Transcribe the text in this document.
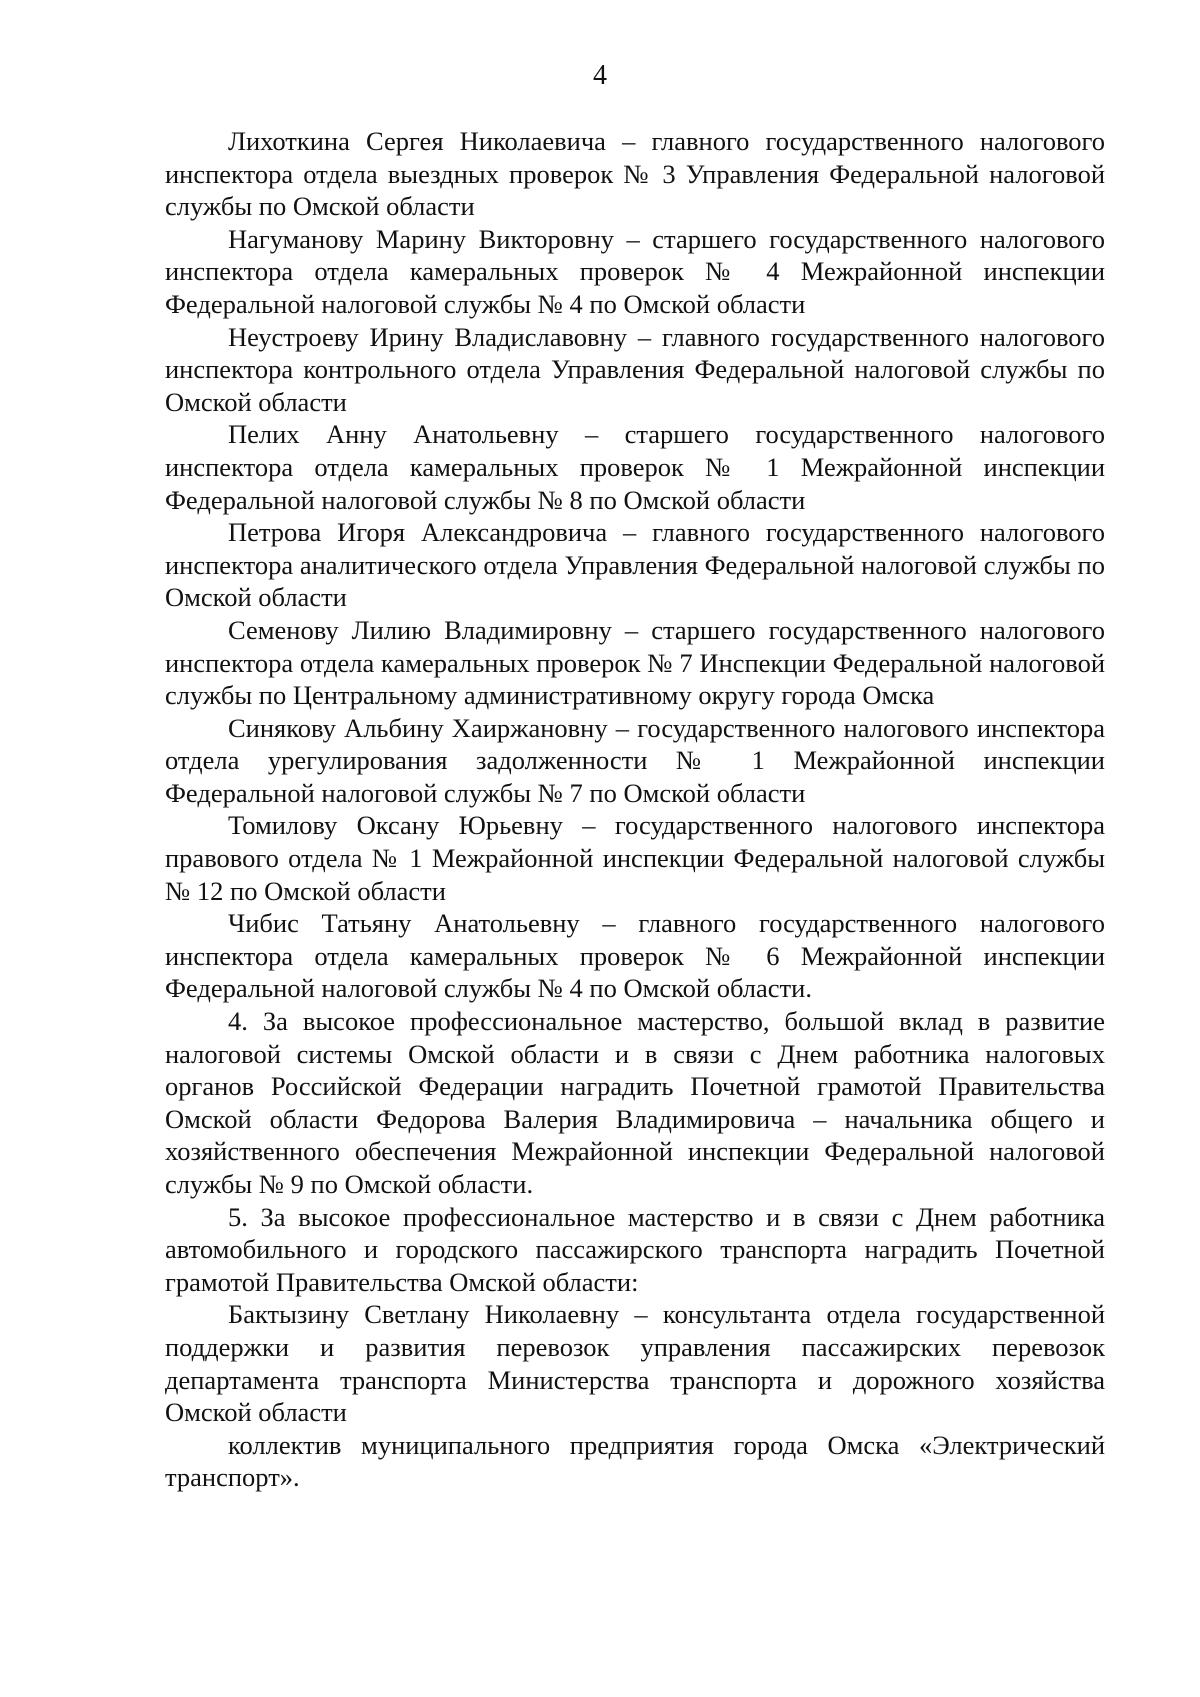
4

Лихоткина Сергея Николаевича – главного государственного налогового инспектора отдела выездных проверок № 3 Управления Федеральной налоговой службы по Омской области

Нагуманову Марину Викторовну – старшего государственного налогового инспектора отдела камеральных проверок № 4 Межрайонной инспекции Федеральной налоговой службы № 4 по Омской области

Неустроеву Ирину Владиславовну – главного государственного налогового инспектора контрольного отдела Управления Федеральной налоговой службы по Омской области

Пелих Анну Анатольевну – старшего государственного налогового инспектора отдела камеральных проверок № 1 Межрайонной инспекции Федеральной налоговой службы № 8 по Омской области

Петрова Игоря Александровича – главного государственного налогового инспектора аналитического отдела Управления Федеральной налоговой службы по Омской области

Семенову Лилию Владимировну – старшего государственного налогового инспектора отдела камеральных проверок № 7 Инспекции Федеральной налоговой службы по Центральному административному округу города Омска

Синякову Альбину Хаиржановну – государственного налогового инспектора отдела урегулирования задолженности № 1 Межрайонной инспекции Федеральной налоговой службы № 7 по Омской области

Томилову Оксану Юрьевну – государственного налогового инспектора правового отдела № 1 Межрайонной инспекции Федеральной налоговой службы № 12 по Омской области

Чибис Татьяну Анатольевну – главного государственного налогового инспектора отдела камеральных проверок № 6 Межрайонной инспекции Федеральной налоговой службы № 4 по Омской области.

4. За высокое профессиональное мастерство, большой вклад в развитие налоговой системы Омской области и в связи с Днем работника налоговых органов Российской Федерации наградить Почетной грамотой Правительства Омской области Федорова Валерия Владимировича – начальника общего и хозяйственного обеспечения Межрайонной инспекции Федеральной налоговой службы № 9 по Омской области.

5. За высокое профессиональное мастерство и в связи с Днем работника автомобильного и городского пассажирского транспорта наградить Почетной грамотой Правительства Омской области:

Бактызину Светлану Николаевну – консультанта отдела государственной поддержки и развития перевозок управления пассажирских перевозок департамента транспорта Министерства транспорта и дорожного хозяйства Омской области

коллектив муниципального предприятия города Омска «Электрический транспорт».
